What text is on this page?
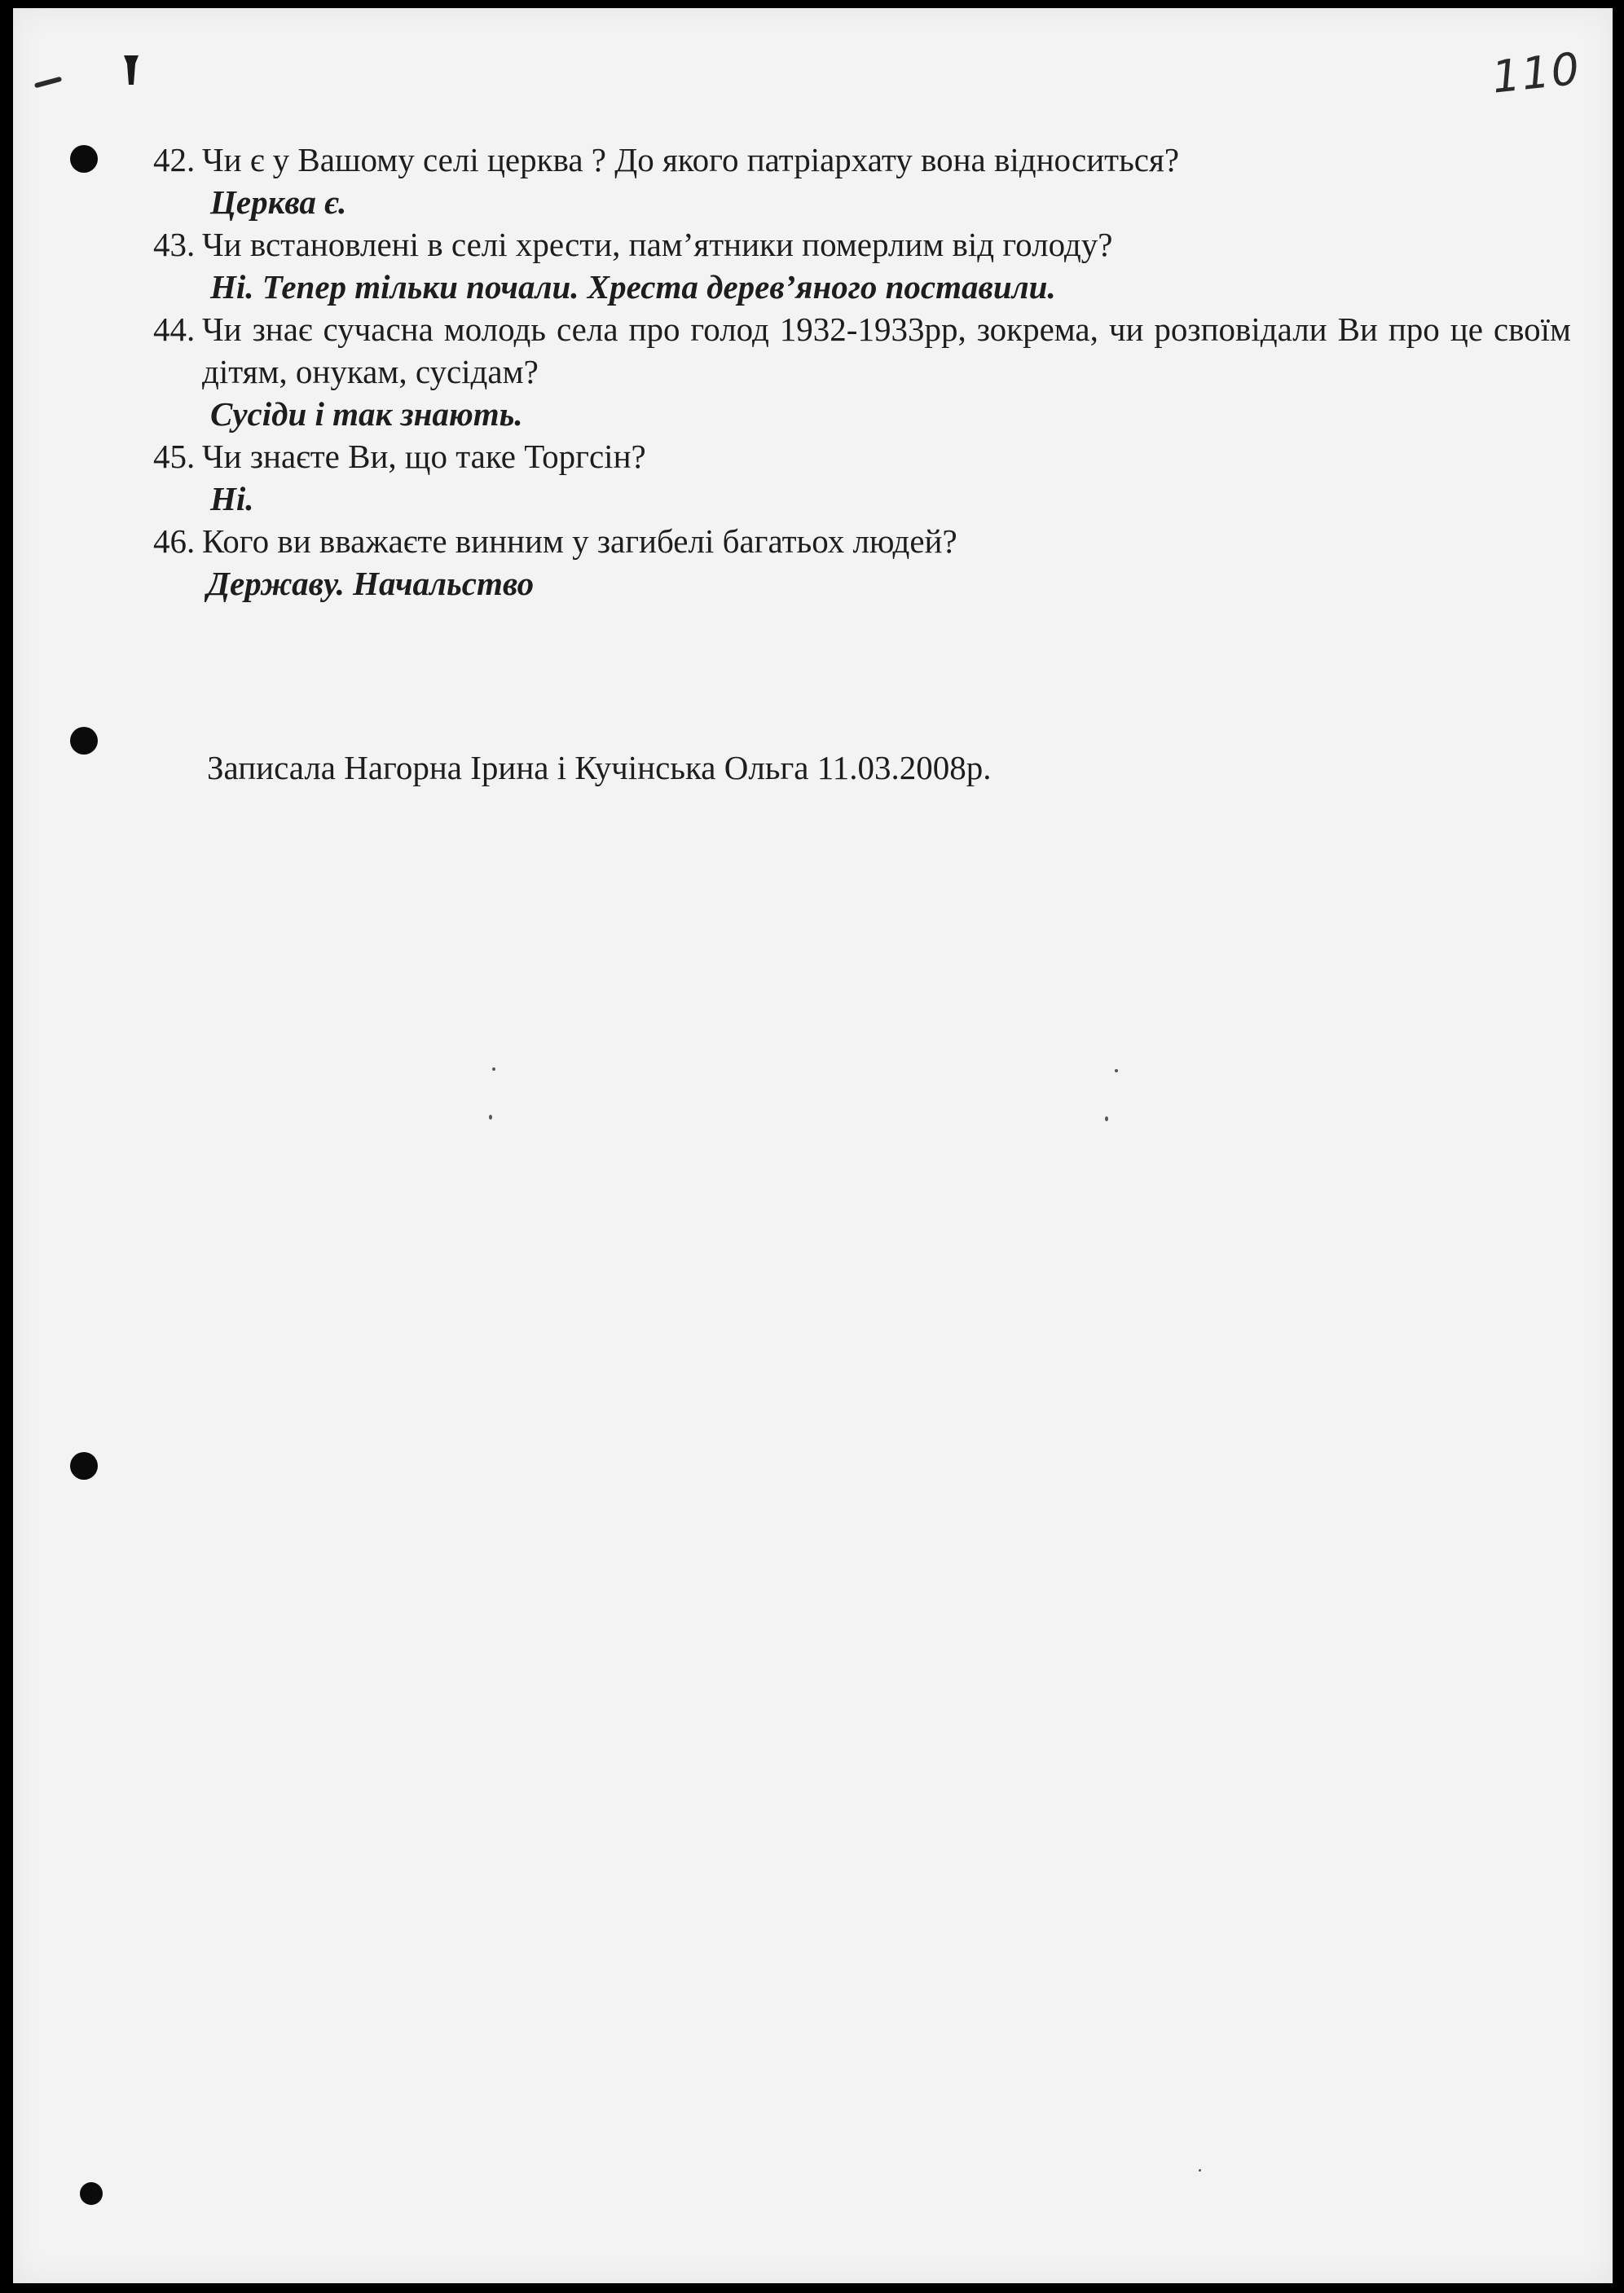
110

42. Чи є у Вашому селі церква ? До якого патріархату вона відноситься?

Церква є.

43. Чи встановлені в селі хрести, пам’ятники померлим від голоду?

Ні. Тепер тільки почали. Хреста дерев’яного поставили.

44. Чи знає сучасна молодь села про голод 1932-1933рр, зокрема, чи розповідали Ви про це своїм дітям, онукам, сусідам?

Сусіди і так знають.

45. Чи знаєте Ви, що таке Торгсін?

Ні.

46. Кого ви вважаєте винним у загибелі багатьох людей?

Державу. Начальство

Записала Нагорна Ірина і Кучінська Ольга 11.03.2008р.
